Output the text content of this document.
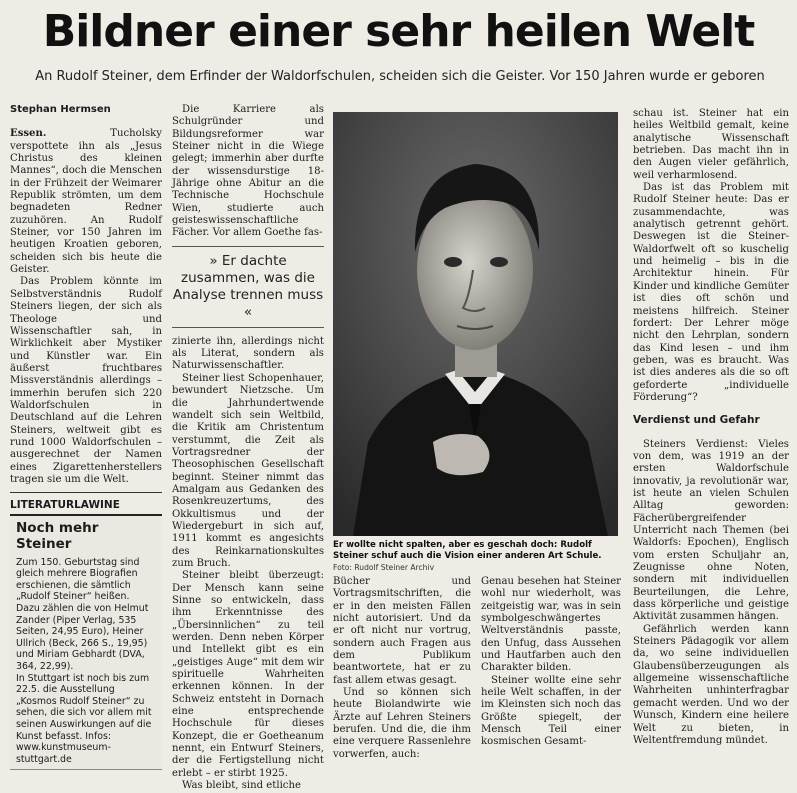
Bildner einer sehr heilen Welt
An Rudolf Steiner, dem Erfinder der Waldorfschulen, scheiden sich die Geister. Vor 150 Jahren wurde er geboren
Stephan Hermsen

Essen.	Tucholsky verspottete ihn als „Jesus Christus des kleinen Mannes“, doch die Menschen in der Frühzeit der Weimarer Republik strömten, um dem begnadeten Redner zuzuhören. An Rudolf Steiner, vor 150 Jahren im heutigen Kroatien geboren, scheiden sich bis heute die Geister.

Das Problem könnte im Selbstverständnis Rudolf Steiners liegen, der sich als Theologe und Wissenschaftler sah, in Wirklichkeit aber Mystiker und Künstler war. Ein äußerst fruchtbares Missverständnis allerdings – immerhin berufen sich 220 Waldorfschulen in Deutschland auf die Lehren Steiners, weltweit gibt es rund 1000 Waldorfschulen – ausgerechnet der Namen eines Zigarettenherstellers tragen sie um die Welt.

LITERATURLAWINE
Noch mehr Steiner

Zum 150. Geburtstag sind gleich mehrere Biografien erschienen, die sämtlich „Rudolf Steiner“ heißen. Dazu zählen die von Helmut Zander (Piper Verlag, 535 Seiten, 24,95 Euro), Heiner Ullrich (Beck, 266 S., 19,95) und Miriam Gebhardt (DVA, 364, 22,99).

In Stuttgart ist noch bis zum 22.5. die Ausstellung „Kosmos Rudolf Steiner“ zu sehen, die sich vor allem mit seinen Auswirkungen auf die Kunst befasst. Infos: www.kunstmuseum-stuttgart.de

Die Karriere als Schulgründer und Bildungsreformer war Steiner nicht in die Wiege gelegt; immerhin aber durfte der wissensdurstige 18-Jährige ohne Abitur an die Technische Hochschule Wien, studierte auch geisteswissenschaftliche Fächer. Vor allem Goethe fas-

» Er dachte zusammen, was die Analyse trennen muss «

zinierte ihn, allerdings nicht als Literat, sondern als Naturwissenschaftler.

Steiner liest Schopenhauer, bewundert Nietzsche. Um die Jahrhundertwende wandelt sich sein Weltbild, die Kritik am Christentum verstummt, die Zeit als Vortragsredner der Theosophischen Gesellschaft beginnt. Steiner nimmt das Amalgam aus Gedanken des Rosenkreuzertums, des Okkultismus und der Wiedergeburt in sich auf, 1911 kommt es angesichts des Reinkarnationskultes zum Bruch.

Steiner bleibt überzeugt: Der Mensch kann seine Sinne so entwickeln, dass ihm Erkenntnisse des „Übersinnlichen“ zu teil werden. Denn neben Körper und Intellekt gibt es ein „geistiges Auge“ mit dem wir spirituelle Wahrheiten erkennen können. In der Schweiz entsteht in Dornach eine entsprechende Hochschule für dieses Konzept, die er Goetheanum nennt, ein Entwurf Steiners, der die Fertigstellung nicht erlebt – er stirbt 1925.

Was bleibt, sind etliche

Er wollte nicht spalten, aber es geschah doch: Rudolf Steiner schuf auch die Vision einer anderen Art Schule. Foto: Rudolf Steiner Archiv

Bücher und Vortragsmitschriften, die er in den meisten Fällen nicht autorisiert. Und da er oft nicht nur vortrug, sondern auch Fragen aus dem Publikum beantwortete, hat er zu fast allem etwas gesagt.

Und so können sich heute Biolandwirte wie Ärzte auf Lehren Steiners berufen. Und die, die ihm eine verquere Rassenlehre vorwerfen, auch:

Genau besehen hat Steiner wohl nur wiederholt, was zeitgeistig war, was in sein symbolgeschwängertes Weltverständnis passte, den Unfug, dass Aussehen und Hautfarben auch den Charakter bilden.

Steiner wollte eine sehr heile Welt schaffen, in der im Kleinsten sich noch das Größte spiegelt, der Mensch Teil einer kosmischen Gesamt-

schau ist. Steiner hat ein heiles Weltbild gemalt, keine analytische Wissenschaft betrieben. Das macht ihn in den Augen vieler gefährlich, weil verharmlosend.

Das ist das Problem mit Rudolf Steiner heute: Das er zusammendachte, was analytisch getrennt gehört. Deswegen ist die Steiner-Waldorfwelt oft so kuschelig und heimelig – bis in die Architektur hinein. Für Kinder und kindliche Gemüter ist dies oft schön und meistens hilfreich. Steiner fordert: Der Lehrer möge nicht den Lehrplan, sondern das Kind lesen – und ihm geben, was es braucht. Was ist dies anderes als die so oft geforderte „individuelle Förderung“?

Verdienst und Gefahr

Steiners Verdienst: Vieles von dem, was 1919 an der ersten Waldorfschule innovativ, ja revolutionär war, ist heute an vielen Schulen Alltag geworden: Fächerübergreifender Unterricht nach Themen (bei Waldorfs: Epochen), Englisch vom ersten Schuljahr an, Zeugnisse ohne Noten, sondern mit individuellen Beurteilungen, die Lehre, dass körperliche und geistige Aktivität zusammen hängen.

Gefährlich werden kann Steiners Pädagogik vor allem da, wo seine individuellen Glaubensüberzeugungen als allgemeine wissenschaftliche Wahrheiten unhinterfragbar gemacht werden. Und wo der Wunsch, Kindern eine heilere Welt zu bieten, in Weltentfremdung mündet.
